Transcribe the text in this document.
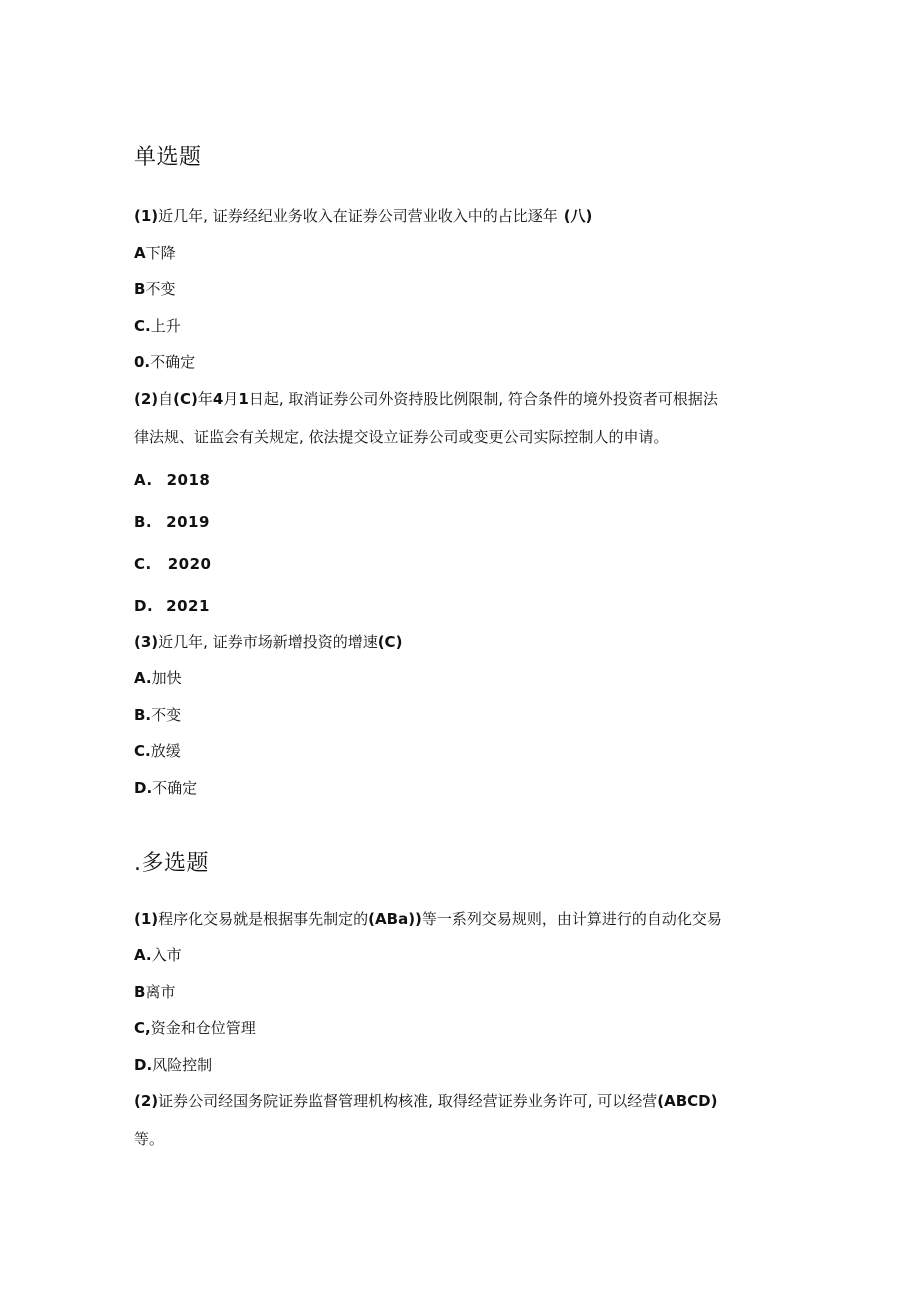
单选题

(1)近几年, 证券经纪业务收入在证券公司营业收入中的占比逐年 (八)

A下降

B不变

C.上升

0.不确定

(2)自(C)年4月1日起, 取消证券公司外资持股比例限制, 符合条件的境外投资者可根据法

律法规、证监会有关规定, 依法提交设立证券公司或变更公司实际控制人的申请。

A. 2018

B. 2019

C. 2020

D. 2021

(3)近几年, 证券市场新增投资的增速(C)

A.加快

B.不变

C.放缓

D.不确定

.多选题

(1)程序化交易就是根据事先制定的(ABa))等一系列交易规则，由计算进行的自动化交易

A.入市

B离市

C,资金和仓位管理

D.风险控制

(2)证券公司经国务院证券监督管理机构核准, 取得经营证券业务许可, 可以经营(ABCD)

等。
